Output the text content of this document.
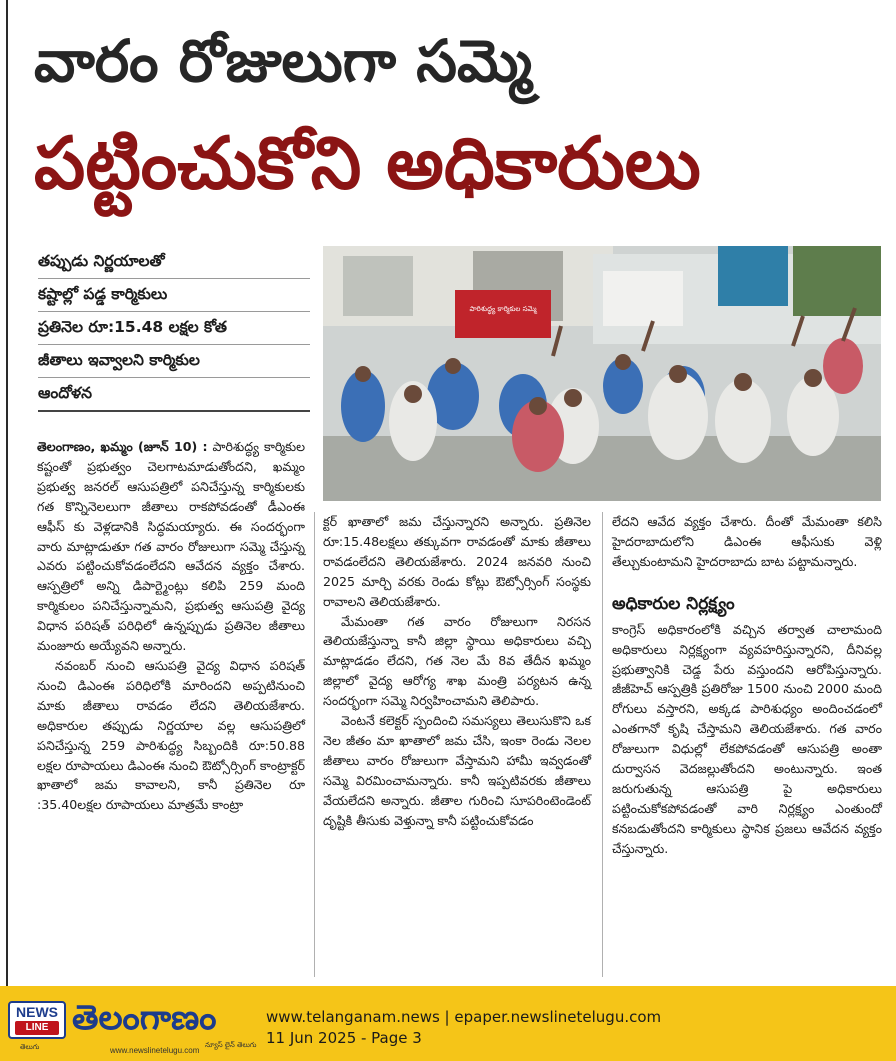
వారం రోజులుగా సమ్మె
పట్టించుకోని అధికారులు
తప్పుడు నిర్ణయాలతో
కష్టాల్లో పడ్డ కార్మికులు
ప్రతినెల రూ:15.48 లక్షల కోత
జీతాలు ఇవ్వాలని కార్మికుల
ఆందోళన
పారిశుద్ధ్య కార్మికుల సమ్మె

తెలంగాణం, ఖమ్మం (జూన్ 10) : పారిశుద్ధ్య కార్మికుల కష్టంతో ప్రభుత్వం చెలగాటమాడుతోందని, ఖమ్మం ప్రభుత్వ జనరల్ ఆసుపత్రిలో పనిచేస్తున్న కార్మికులకు గత కొన్నినెలలుగా జీతాలు రాకపోవడంతో డీఎంఈ ఆఫీస్ కు వెళ్లడానికి సిద్ధమయ్యారు. ఈ సందర్భంగా వారు మాట్లాడుతూ గత వారం రోజులుగా సమ్మె చేస్తున్న ఎవరు పట్టించుకోవడంలేదని ఆవేదన వ్యక్తం చేశారు. ఆస్పత్రిలో అన్ని డిపార్ట్మెంట్లు కలిపి 259 మంది కార్మికులం పనిచేస్తున్నామని, ప్రభుత్వ ఆసుపత్రి వైద్య విధాన పరిషత్ పరిధిలో ఉన్నప్పుడు ప్రతినెల జీతాలు మంజూరు అయ్యేవని అన్నారు.

నవంబర్ నుంచి ఆసుపత్రి వైద్య విధాన పరిషత్ నుంచి డిఎంఈ పరిధిలోకి మారిందని అప్పటినుంచి మాకు జీతాలు రావడం లేదని తెలియజేశారు. అధికారుల తప్పుడు నిర్ణయాల వల్ల ఆసుపత్రిలో పనిచేస్తున్న 259 పారిశుద్ధ్య సిబ్బందికి రూ:50.88 లక్షల రూపాయలు డిఎంఈ నుంచి ఔట్సోర్సింగ్ కాంట్రాక్టర్ ఖాతాలో జమ కావాలని, కానీ ప్రతినెల రూ :35.40లక్షల రూపాయలు మాత్రమే కాంట్రా

క్టర్ ఖాతాలో జమ చేస్తున్నారని అన్నారు. ప్రతినెల రూ:15.48లక్షలు తక్కువగా రావడంతో మాకు జీతాలు రావడంలేదని తెలియజేశారు. 2024 జనవరి నుంచి 2025 మార్చి వరకు రెండు కోట్లు ఔట్సోర్సింగ్ సంస్థకు రావాలని తెలియజేశారు.

మేమంతా గత వారం రోజులుగా నిరసన తెలియజేస్తున్నా కానీ జిల్లా స్థాయి అధికారులు వచ్చి మాట్లాడడం లేదని, గత నెల మే 8వ తేదీన ఖమ్మం జిల్లాలో వైద్య ఆరోగ్య శాఖ మంత్రి పర్యటన ఉన్న సందర్భంగా సమ్మె నిర్వహించామని తెలిపారు.

వెంటనే కలెక్టర్ స్పందించి సమస్యలు తెలుసుకొని ఒక నెల జీతం మా ఖాతాలో జమ చేసి, ఇంకా రెండు నెలల జీతాలు వారం రోజులుగా వేస్తామని హామీ ఇవ్వడంతో సమ్మె విరమించామన్నారు. కానీ ఇప్పటివరకు జీతాలు వేయలేదని అన్నారు. జీతాల గురించి సూపరింటెండెంట్ దృష్టికి తీసుకు వెళ్తున్నా కానీ పట్టించుకోవడం

లేదని ఆవేద వ్యక్తం చేశారు. దీంతో మేమంతా కలిసి హైదరాబాదులోని డిఎంఈ ఆఫీసుకు వెళ్లి తేల్చుకుంటామని హైదరాబాదు బాట పట్టామన్నారు.

అధికారుల నిర్లక్ష్యం

కాంగ్రెస్ అధికారంలోకి వచ్చిన తర్వాత చాలామంది అధికారులు నిర్లక్ష్యంగా వ్యవహరిస్తున్నారని, దీనివల్ల ప్రభుత్వానికి చెడ్డ పేరు వస్తుందని ఆరోపిస్తున్నారు. జీజీహెచ్ ఆస్పత్రికి ప్రతిరోజు 1500 నుంచి 2000 మంది రోగులు వస్తారని, అక్కడ పారిశుధ్యం అందించడంలో ఎంతగానో కృషి చేస్తామని తెలియజేశారు. గత వారం రోజులుగా విధుల్లో లేకపోవడంతో ఆసుపత్రి అంతా దుర్వాసన వెదజల్లుతోందని అంటున్నారు. ఇంత జరుగుతున్న ఆసుపత్రి పై అధికారులు పట్టించుకోకపోవడంతో వారి నిర్లక్ష్యం ఎంతుందో కనబడుతోందని కార్మికులు స్థానిక ప్రజలు ఆవేదన వ్యక్తం చేస్తున్నారు.

NEWS
LINE
తెలుగు
తెలంగాణం
న్యూస్ లైన్ తెలుగు
www.newslinetelugu.com
www.telanganam.news | epaper.newslinetelugu.com
11 Jun 2025 - Page 3
